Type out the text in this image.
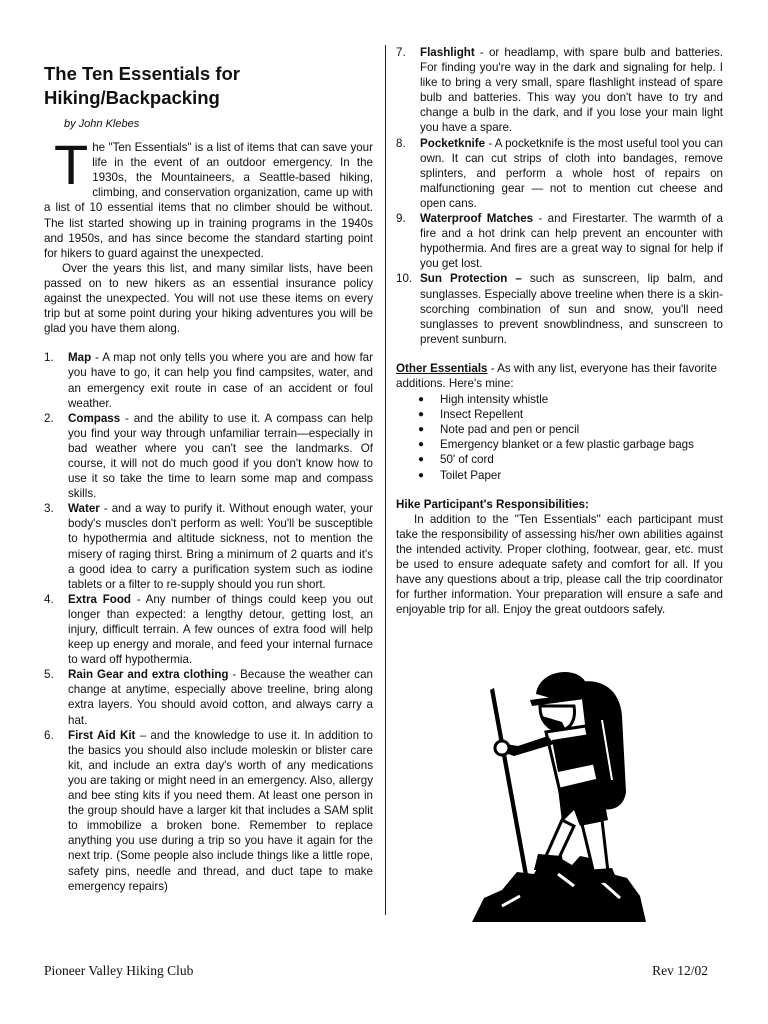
The Ten Essentials for
Hiking/Backpacking
by John Klebes

The "Ten Essentials" is a list of items that can save your life in the event of an outdoor emergency. In the 1930s, the Mountaineers, a Seattle-based hiking, climbing, and conservation organization, came up with a list of 10 essential items that no climber should be without. The list started showing up in training programs in the 1940s and 1950s, and has since become the standard starting point for hikers to guard against the unexpected.

Over the years this list, and many similar lists, have been passed on to new hikers as an essential insurance policy against the unexpected. You will not use these items on every trip but at some point during your hiking adventures you will be glad you have them along.

1. Map - A map not only tells you where you are and how far you have to go, it can help you find campsites, water, and an emergency exit route in case of an accident or foul weather.
2. Compass - and the ability to use it. A compass can help you find your way through unfamiliar terrain—especially in bad weather where you can't see the landmarks. Of course, it will not do much good if you don't know how to use it so take the time to learn some map and compass skills.
3. Water - and a way to purify it. Without enough water, your body's muscles don't perform as well: You'll be susceptible to hypothermia and altitude sickness, not to mention the misery of raging thirst. Bring a minimum of 2 quarts and it's a good idea to carry a purification system such as iodine tablets or a filter to re-supply should you run short.
4. Extra Food - Any number of things could keep you out longer than expected: a lengthy detour, getting lost, an injury, difficult terrain. A few ounces of extra food will help keep up energy and morale, and feed your internal furnace to ward off hypothermia.
5. Rain Gear and extra clothing - Because the weather can change at anytime, especially above treeline, bring along extra layers. You should avoid cotton, and always carry a hat.
6. First Aid Kit – and the knowledge to use it. In addition to the basics you should also include moleskin or blister care kit, and include an extra day's worth of any medications you are taking or might need in an emergency. Also, allergy and bee sting kits if you need them. At least one person in the group should have a larger kit that includes a SAM split to immobilize a broken bone. Remember to replace anything you use during a trip so you have it again for the next trip. (Some people also include things like a little rope, safety pins, needle and thread, and duct tape to make emergency repairs)
7. Flashlight - or headlamp, with spare bulb and batteries. For finding you're way in the dark and signaling for help. I like to bring a very small, spare flashlight instead of spare bulb and batteries. This way you don't have to try and change a bulb in the dark, and if you lose your main light you have a spare.
8. Pocketknife - A pocketknife is the most useful tool you can own. It can cut strips of cloth into bandages, remove splinters, and perform a whole host of repairs on malfunctioning gear — not to mention cut cheese and open cans.
9. Waterproof Matches - and Firestarter. The warmth of a fire and a hot drink can help prevent an encounter with hypothermia. And fires are a great way to signal for help if you get lost.
10. Sun Protection – such as sunscreen, lip balm, and sunglasses. Especially above treeline when there is a skin-scorching combination of sun and snow, you'll need sunglasses to prevent snowblindness, and sunscreen to prevent sunburn.
Other Essentials - As with any list, everyone has their favorite additions. Here's mine:
● High intensity whistle
● Insect Repellent
● Note pad and pen or pencil
● Emergency blanket or a few plastic garbage bags
● 50' of cord
● Toilet Paper
Hike Participant's Responsibilities:

In addition to the "Ten Essentials" each participant must take the responsibility of assessing his/her own abilities against the intended activity. Proper clothing, footwear, gear, etc. must be used to ensure adequate safety and comfort for all. If you have any questions about a trip, please call the trip coordinator for further information. Your preparation will ensure a safe and enjoyable trip for all. Enjoy the great outdoors safely.

Pioneer Valley Hiking Club	Rev 12/02
